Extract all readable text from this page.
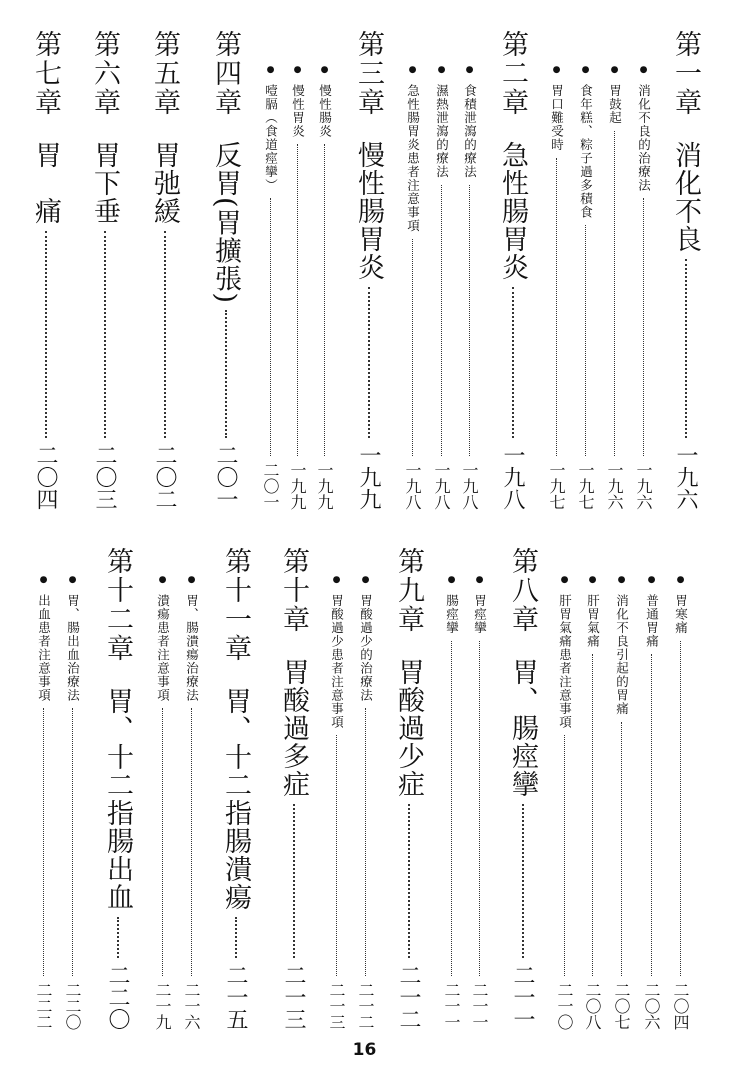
第一章
消化不良
一九六
●
消化不良的治療法
一九六
●
胃鼓起
一九六
●
食年糕、粽子過多積食
一九七
●
胃口難受時
一九七
第二章
急性腸胃炎
一九八
●
食積泄瀉的療法
一九八
●
濕熱泄瀉的療法
一九八
●
急性腸胃炎患者注意事項
一九八
第三章
慢性腸胃炎
一九九
●
慢性腸炎
一九九
●
慢性胃炎
一九九
●
噎膈（食道痙攣）
二〇一
第四章
反胃(胃擴張)
二〇一
第五章
胃弛緩
二〇二
第六章
胃下垂
二〇三
第七章
胃　痛
二〇四
●
胃寒痛
二〇四
●
普通胃痛
二〇六
●
消化不良引起的胃痛
二〇七
●
肝胃氣痛
二〇八
●
肝胃氣痛患者注意事項
二一〇
第八章
胃、腸痙攣
二一一
●
胃痙攣
二一一
●
腸痙攣
二一一
第九章
胃酸過少症
二一二
●
胃酸過少的治療法
二一二
●
胃酸過少患者注意事項
二一三
第十章
胃酸過多症
二一三
第十一章
胃、十二指腸潰瘍
二一五
●
胃、腸潰瘍治療法
二一六
●
潰瘍患者注意事項
二一九
第十二章
胃、十二指腸出血
二二〇
●
胃、腸出血治療法
二二〇
●
出血患者注意事項
二二二
16
